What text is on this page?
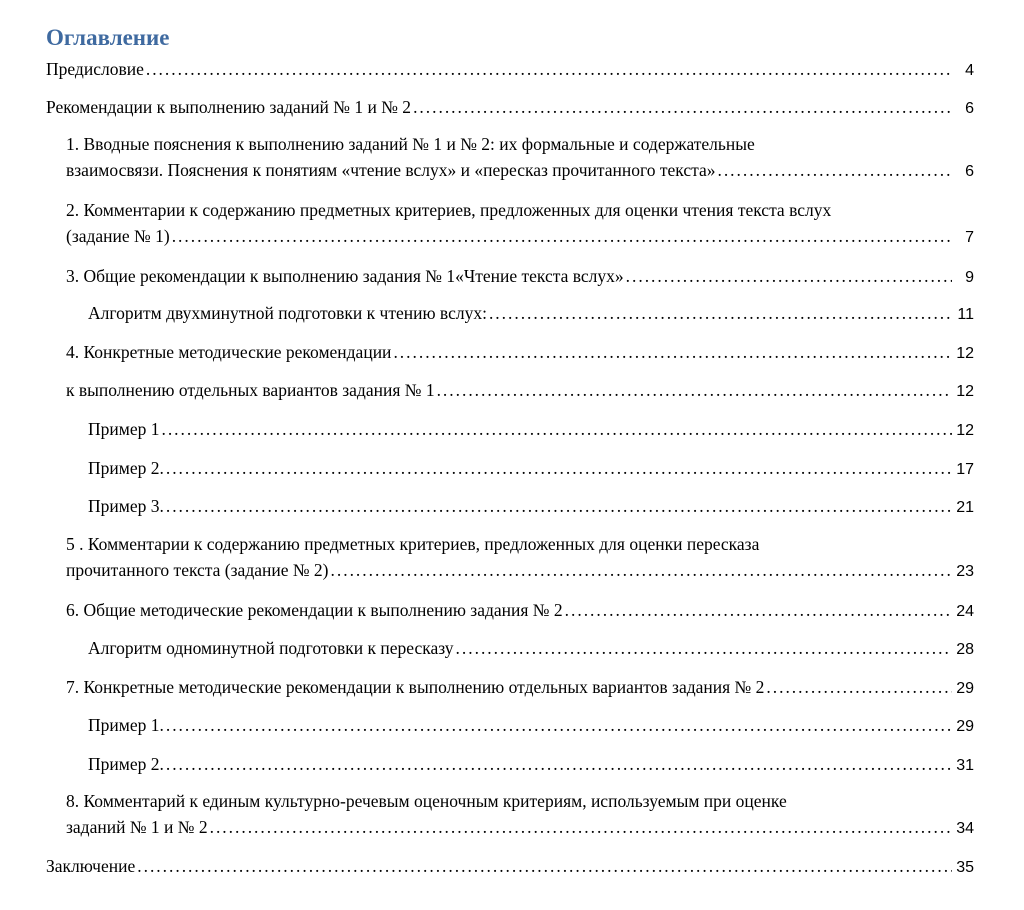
Оглавление
Предисловие . . .	4
Рекомендации к выполнению заданий № 1 и № 2 . . .	6
1. Вводные пояснения к выполнению заданий № 1 и № 2: их формальные и содержательные
взаимосвязи. Пояснения к понятиям «чтение вслух» и «пересказ прочитанного текста» . . .	6
2. Комментарии к содержанию предметных критериев, предложенных для оценки чтения текста вслух
(задание № 1) . . .	7
3. Общие рекомендации к выполнению задания № 1«Чтение текста вслух» . . .	9
Алгоритм двухминутной подготовки к чтению вслух: . . .	11
4. Конкретные методические рекомендации . . .	12
к выполнению отдельных вариантов задания № 1 . . .	12
Пример 1 . . .	12
Пример 2. . . .	17
Пример 3. . . .	21
5 . Комментарии к содержанию предметных критериев, предложенных для оценки пересказа
прочитанного текста (задание № 2) . . .	23
6. Общие методические рекомендации к выполнению задания № 2 . . .	24
Алгоритм одноминутной подготовки к пересказу . . .	28
7. Конкретные методические рекомендации к выполнению отдельных вариантов задания № 2 . . .	29
Пример 1. . . .	29
Пример 2. . . .	31
8. Комментарий к единым культурно-речевым оценочным критериям, используемым при оценке
заданий № 1 и № 2 . . .	34
Заключение . . .	35
